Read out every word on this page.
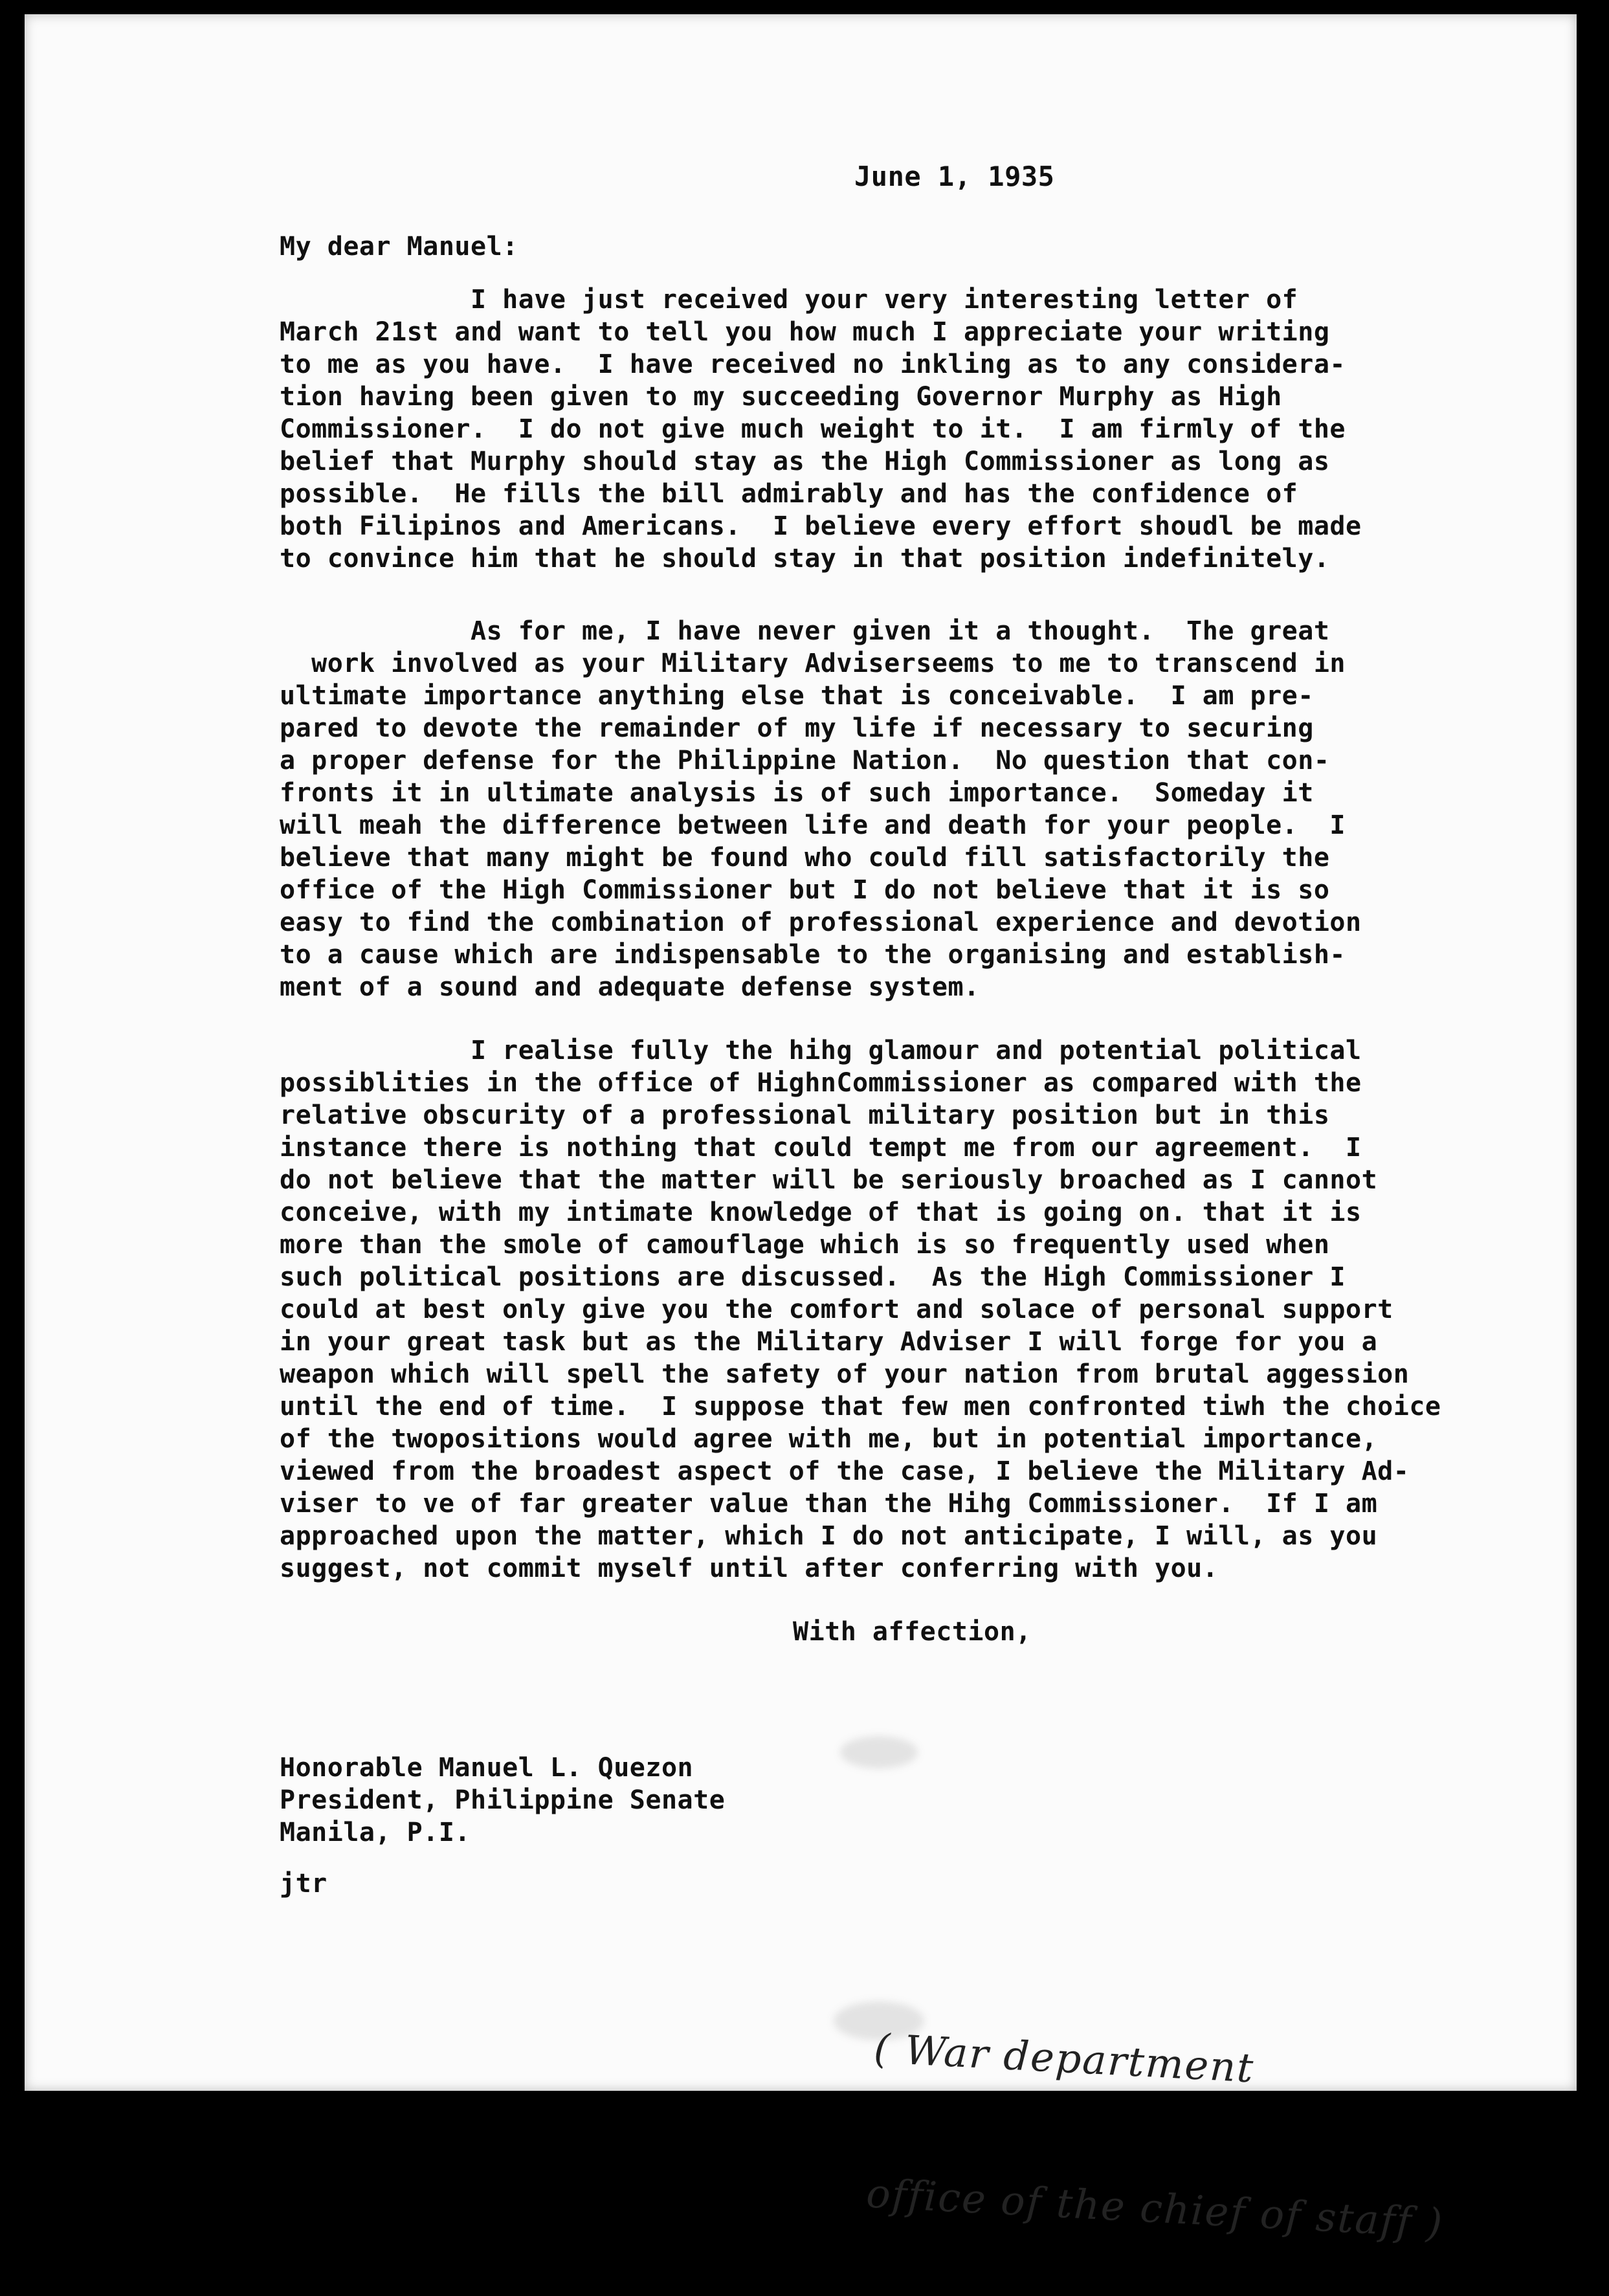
June 1, 1935
My dear Manuel:

I have just received your very interesting letter of

March 21st and want to tell you how much I appreciate your writing

to me as you have.  I have received no inkling as to any considera-

tion having been given to my succeeding Governor Murphy as High

Commissioner.  I do not give much weight to it.  I am firmly of the

belief that Murphy should stay as the High Commissioner as long as

possible.  He fills the bill admirably and has the confidence of

both Filipinos and Americans.  I believe every effort shoudl be made

to convince him that he should stay in that position indefinitely.

As for me, I have never given it a thought.  The great

work involved as your Military Adviserseems to me to transcend in

ultimate importance anything else that is conceivable.  I am pre-

pared to devote the remainder of my life if necessary to securing

a proper defense for the Philippine Nation.  No question that con-

fronts it in ultimate analysis is of such importance.  Someday it

will meah the difference between life and death for your people.  I

believe that many might be found who could fill satisfactorily the

office of the High Commissioner but I do not believe that it is so

easy to find the combination of professional experience and devotion

to a cause which are indispensable to the organising and establish-

ment of a sound and adequate defense system.

I realise fully the hihg glamour and potential political

possiblities in the office of HighnCommissioner as compared with the

relative obscurity of a professional military position but in this

instance there is nothing that could tempt me from our agreement.  I

do not believe that the matter will be seriously broached as I cannot

conceive, with my intimate knowledge of that is going on. that it is

more than the smole of camouflage which is so frequently used when

such political positions are discussed.  As the High Commissioner I

could at best only give you the comfort and solace of personal support

in your great task but as the Military Adviser I will forge for you a

weapon which will spell the safety of your nation from brutal aggession

until the end of time.  I suppose that few men confronted tiwh the choice

of the twopositions would agree with me, but in potential importance,

viewed from the broadest aspect of the case, I believe the Military Ad-

viser to ve of far greater value than the Hihg Commissioner.  If I am

approached upon the matter, which I do not anticipate, I will, as you

suggest, not commit myself until after conferring with you.

With affection,

Honorable Manuel L. Quezon

President, Philippine Senate

Manila, P.I.

jtr

( War department

office of the chief of staff )
